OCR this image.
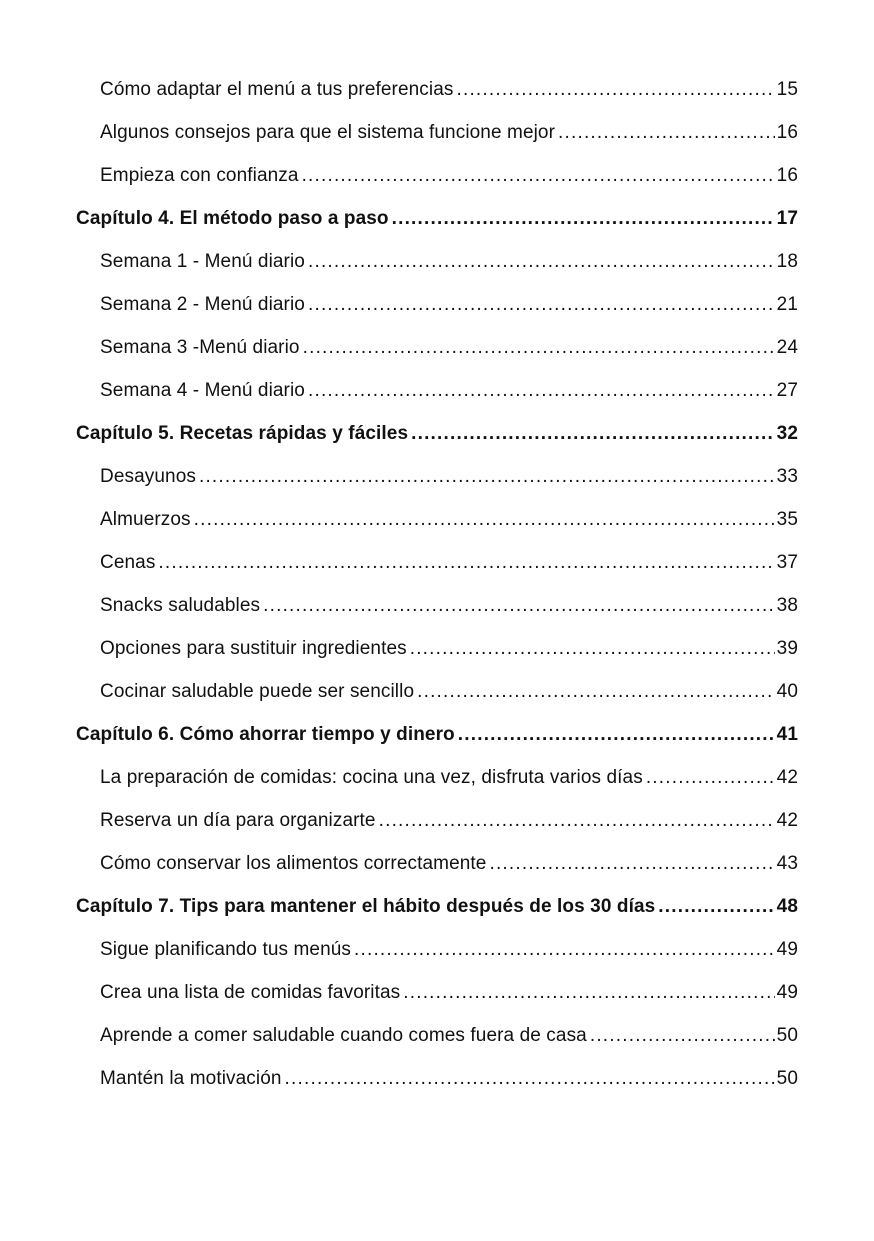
Cómo adaptar el menú a tus preferencias .....	15
Algunos consejos para que el sistema funcione mejor .....	16
Empieza con confianza .....	16
Capítulo 4. El método paso a paso .....	17
Semana 1 - Menú diario .....	18
Semana 2 - Menú diario .....	21
Semana 3 -Menú diario .....	24
Semana 4 - Menú diario .....	27
Capítulo 5. Recetas rápidas y fáciles .....	32
Desayunos .....	33
Almuerzos .....	35
Cenas .....	37
Snacks saludables .....	38
Opciones para sustituir ingredientes .....	39
Cocinar saludable puede ser sencillo .....	40
Capítulo 6. Cómo ahorrar tiempo y dinero .....	41
La preparación de comidas: cocina una vez, disfruta varios días .....	42
Reserva un día para organizarte .....	42
Cómo conservar los alimentos correctamente .....	43
Capítulo 7. Tips para mantener el hábito después de los 30 días .....	48
Sigue planificando tus menús .....	49
Crea una lista de comidas favoritas .....	49
Aprende a comer saludable cuando comes fuera de casa .....	50
Mantén la motivación .....	50
